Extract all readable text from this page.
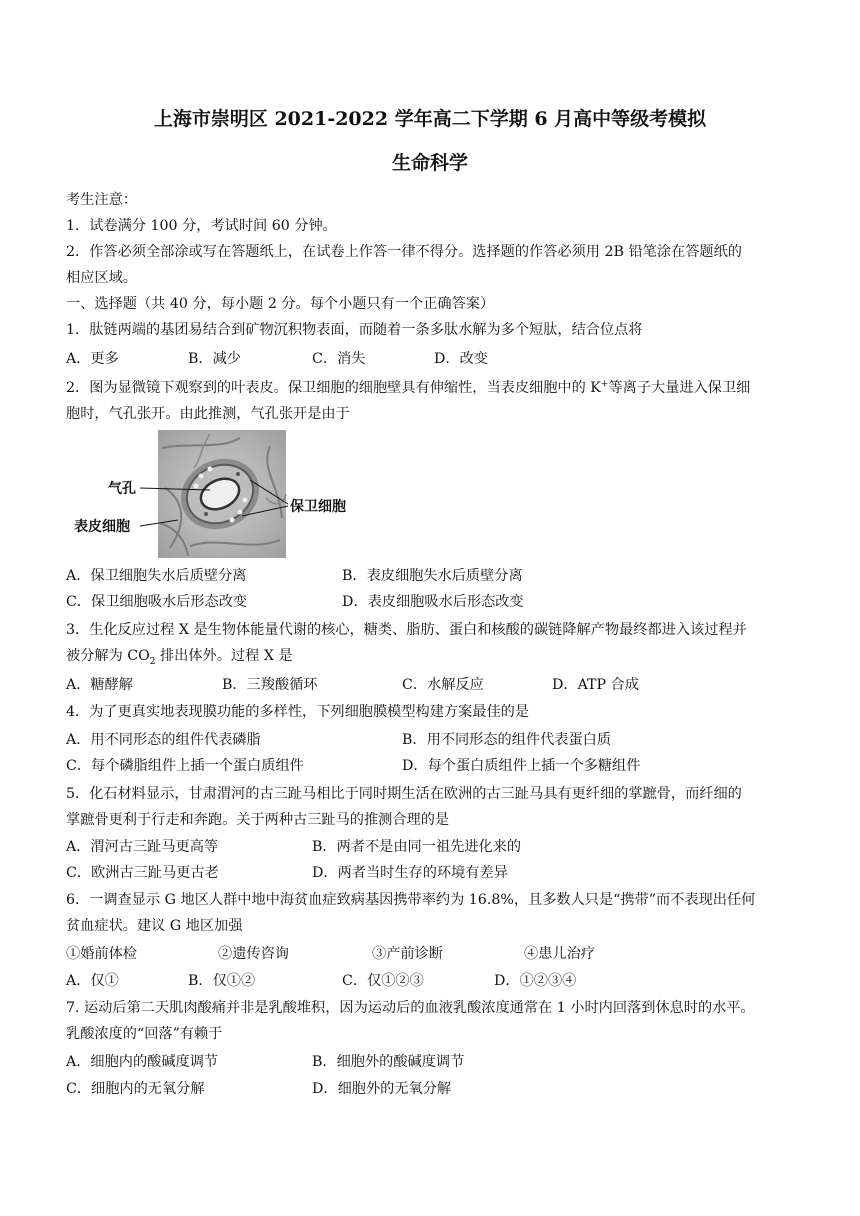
上海市崇明区 2021-2022 学年高二下学期 6 月高中等级考模拟
生命科学
考生注意：
1．试卷满分 100 分，考试时间 60 分钟。
2．作答必须全部涂或写在答题纸上，在试卷上作答一律不得分。选择题的作答必须用 2B 铅笔涂在答题纸的
相应区域。
一、选择题（共 40 分，每小题 2 分。每个小题只有一个正确答案）
1．肽链两端的基团易结合到矿物沉积物表面，而随着一条多肽水解为多个短肽，结合位点将
A．更多	B．减少	C．消失	D．改变
2．图为显微镜下观察到的叶表皮。保卫细胞的细胞壁具有伸缩性，当表皮细胞中的 K+等离子大量进入保卫细
胞时，气孔张开。由此推测，气孔张开是由于
气孔
保卫细胞
表皮细胞
A．保卫细胞失水后质壁分离	B．表皮细胞失水后质壁分离
C．保卫细胞吸水后形态改变	D．表皮细胞吸水后形态改变
3．生化反应过程 X 是生物体能量代谢的核心，糖类、脂肪、蛋白和核酸的碳链降解产物最终都进入该过程并
被分解为 $CO_2$ 排出体外。过程 X 是
A．糖酵解	B．三羧酸循环	C．水解反应	D．ATP 合成
4．为了更真实地表现膜功能的多样性，下列细胞膜模型构建方案最佳的是
A．用不同形态的组件代表磷脂	B．用不同形态的组件代表蛋白质
C．每个磷脂组件上插一个蛋白质组件	D．每个蛋白质组件上插一个多糖组件
5．化石材料显示，甘肃渭河的古三趾马相比于同时期生活在欧洲的古三趾马具有更纤细的掌蹠骨，而纤细的
掌蹠骨更利于行走和奔跑。关于两种古三趾马的推测合理的是
A．渭河古三趾马更高等	B．两者不是由同一祖先进化来的
C．欧洲古三趾马更古老	D．两者当时生存的环境有差异
6．一调查显示 G 地区人群中地中海贫血症致病基因携带率约为 16.8%，且多数人只是“携带”而不表现出任何
贫血症状。建议 G 地区加强
①婚前体检	②遗传咨询	③产前诊断	④患儿治疗
A．仅①	B．仅①②	C．仅①②③	D．①②③④
7. 运动后第二天肌肉酸痛并非是乳酸堆积，因为运动后的血液乳酸浓度通常在 1 小时内回落到休息时的水平。
乳酸浓度的“回落”有赖于
A．细胞内的酸碱度调节	B．细胞外的酸碱度调节
C．细胞内的无氧分解	D．细胞外的无氧分解
